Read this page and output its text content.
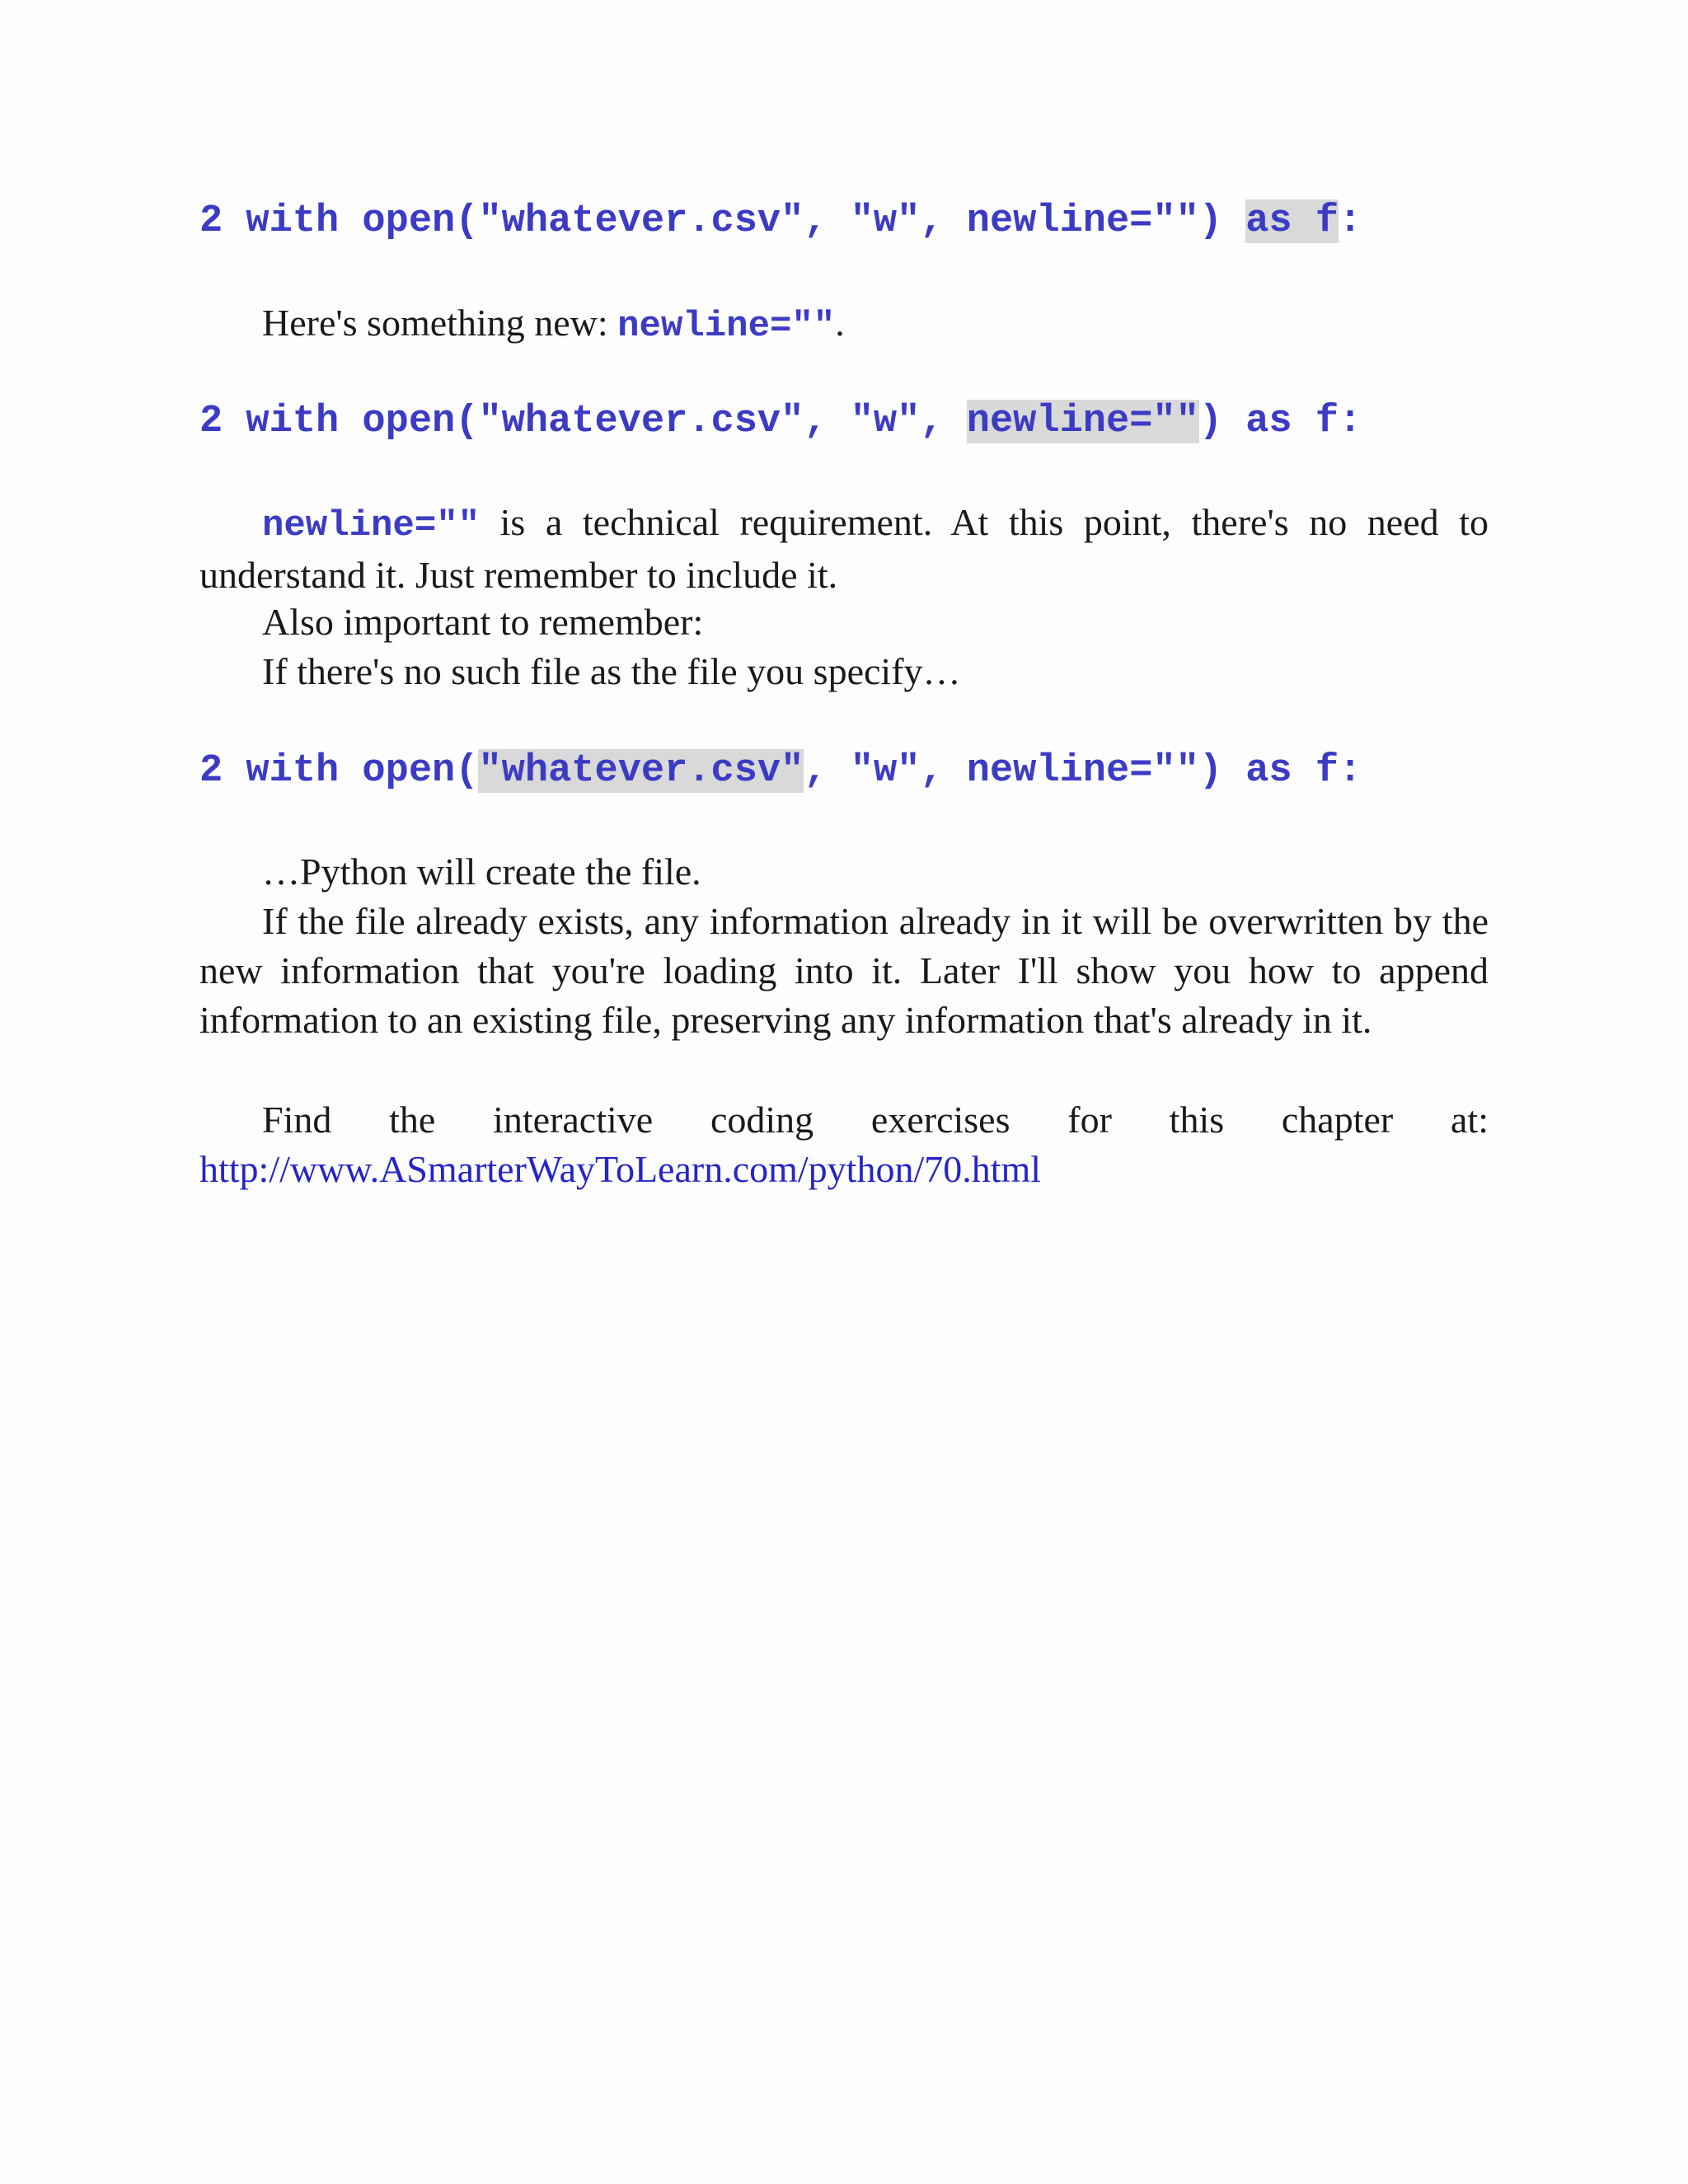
2 with open("whatever.csv", "w", newline="") as f:
Here's something new: newline="".
2 with open("whatever.csv", "w", newline="") as f:
newline="" is a technical requirement. At this point, there's no need to understand it. Just remember to include it.
Also important to remember:
If there's no such file as the file you specify…
2 with open("whatever.csv", "w", newline="") as f:
…Python will create the file.
If the file already exists, any information already in it will be overwritten by the new information that you're loading into it. Later I'll show you how to append information to an existing file, preserving any information that's already in it.
Find the interactive coding exercises for this chapter at:
http://www.ASmarterWayToLearn.com/python/70.html
